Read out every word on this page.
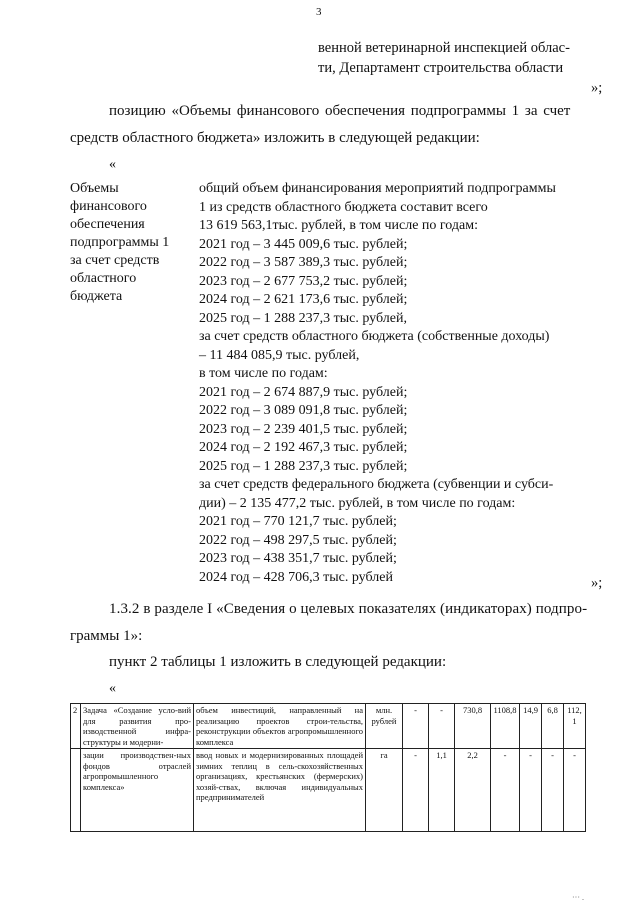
3
венной ветеринарной инспекцией облас-
ти, Департамент строительства области
»;
позицию «Объемы финансового обеспечения подпрограммы 1 за счет
средств областного бюджета» изложить в следующей редакции:
«
Объемы
финансового
обеспечения
подпрограммы 1
за счет средств
областного
бюджета
общий объем финансирования мероприятий подпрограммы
1 из средств областного бюджета составит всего
13 619 563,1тыс. рублей, в том числе по годам:
2021 год – 3 445 009,6 тыс. рублей;
2022 год – 3 587 389,3 тыс. рублей;
2023 год – 2 677 753,2 тыс. рублей;
2024 год – 2 621 173,6 тыс. рублей;
2025 год – 1 288 237,3 тыс. рублей,
за счет средств областного бюджета (собственные доходы)
– 11 484 085,9 тыс. рублей,
в том числе по годам:
2021 год – 2 674 887,9 тыс. рублей;
2022 год – 3 089 091,8 тыс. рублей;
2023 год – 2 239 401,5 тыс. рублей;
2024 год – 2 192 467,3 тыс. рублей;
2025 год – 1 288 237,3 тыс. рублей;
за счет средств федерального бюджета (субвенции и субси-
дии) – 2 135 477,2 тыс. рублей, в том числе по годам:
2021 год – 770 121,7 тыс. рублей;
2022 год – 498 297,5 тыс. рублей;
2023 год – 438 351,7 тыс. рублей;
2024 год – 428 706,3 тыс. рублей	»;
1.3.2 в разделе I «Сведения о целевых показателях (индикаторах) подпро-
граммы 1»:
пункт 2 таблицы 1 изложить в следующей редакции:
«
2	Задача «Создание усло-вий для развития про-изводственной инфра-структуры и модерни-	объем инвестиций, направленный на реализацию проектов строи-тельства, реконструкции объектов агропромышленного комплекса	млн. рублей	-	-	730,8	1108,8	14,9	6,8	112,1
	зации производствен-ных фондов отраслей агропромышленного комплекса»	ввод новых и модернизированных площадей зимних теплиц в сель-скохозяйственных организациях, крестьянских (фермерских) хозяй-ствах, включая индивидуальных предпринимателей	га	-	1,1	2,2	-	-	-	-
··· .
